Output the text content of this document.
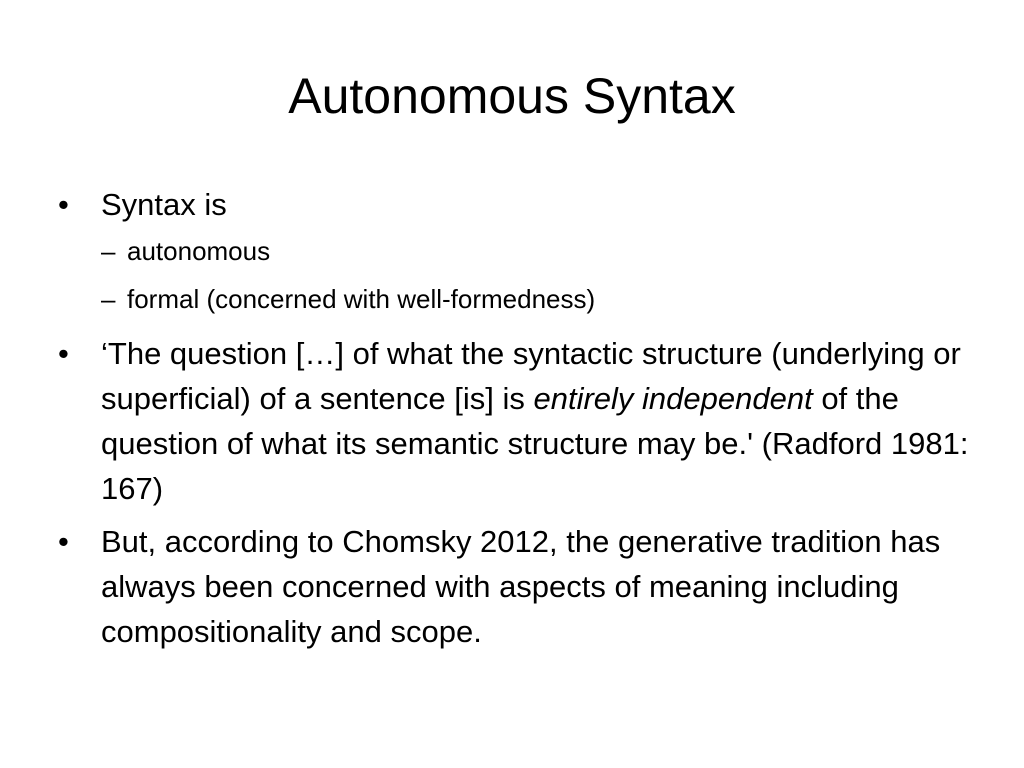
Autonomous Syntax
•	Syntax is
– autonomous
– formal (concerned with well-formedness)
•	‘The question […] of what the syntactic structure (underlying or superficial) of a sentence [is] is entirely independent of the question of what its semantic structure may be.' (Radford 1981: 167)
•	But, according to Chomsky 2012, the generative tradition has always been concerned with aspects of meaning including compositionality and scope.
